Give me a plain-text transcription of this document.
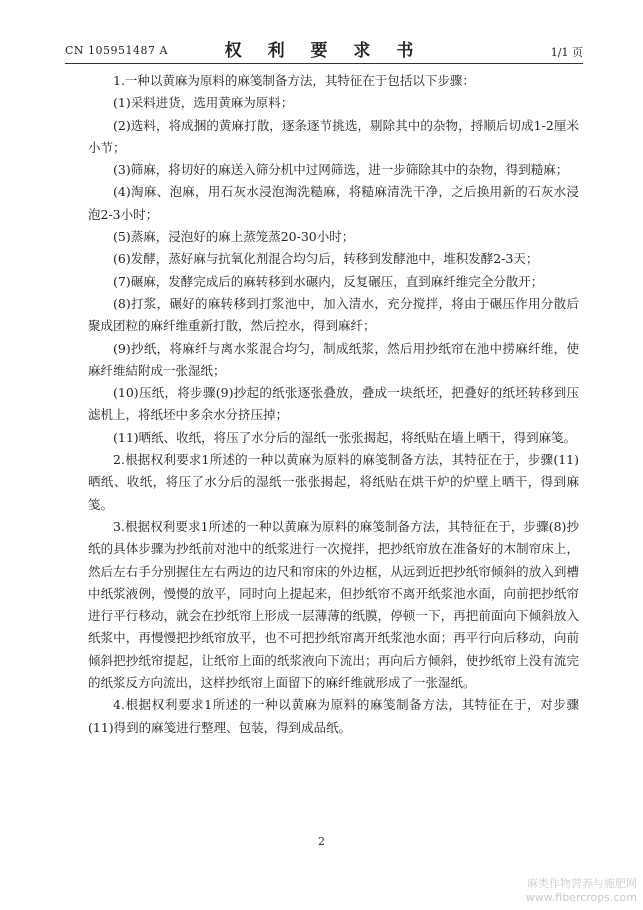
CN 105951487 A	权 利 要 求 书	1/1 页

1.一种以黄麻为原料的麻笺制备方法，其特征在于包括以下步骤：

(1)采料进货，选用黄麻为原料；

(2)选料，将成捆的黄麻打散，逐条逐节挑选，剔除其中的杂物，捋顺后切成1-2厘米小节；

(3)筛麻，将切好的麻送入筛分机中过网筛选，进一步筛除其中的杂物，得到糙麻；

(4)淘麻、泡麻，用石灰水浸泡淘洗糙麻，将糙麻清洗干净，之后换用新的石灰水浸泡2-3小时；

(5)蒸麻，浸泡好的麻上蒸笼蒸20-30小时；

(6)发酵，蒸好麻与抗氧化剂混合均匀后，转移到发酵池中，堆积发酵2-3天；

(7)碾麻，发酵完成后的麻转移到水碾内，反复碾压，直到麻纤维完全分散开；

(8)打浆，碾好的麻转移到打浆池中，加入清水，充分搅拌，将由于碾压作用分散后聚成团粒的麻纤维重新打散，然后控水，得到麻纤；

(9)抄纸，将麻纤与离水浆混合均匀，制成纸浆，然后用抄纸帘在池中捞麻纤维，使麻纤维結附成一张湿纸；

(10)压纸，将步骤(9)抄起的纸张逐张叠放，叠成一块纸坯，把叠好的纸坯转移到压滤机上，将纸坯中多余水分挤压掉；

(11)晒纸、收纸，将压了水分后的湿纸一张张揭起，将纸贴在墙上晒干，得到麻笺。

2.根据权利要求1所述的一种以黄麻为原料的麻笺制备方法，其特征在于，步骤(11)晒纸、收纸，将压了水分后的湿纸一张张揭起，将纸贴在烘干炉的炉壁上晒干，得到麻笺。

3.根据权利要求1所述的一种以黄麻为原料的麻笺制备方法，其特征在于，步骤(8)抄纸的具体步骤为抄纸前对池中的纸浆进行一次搅拌，把抄纸帘放在准备好的木制帘床上，然后左右手分别握住左右两边的边尺和帘床的外边框，从远到近把抄纸帘倾斜的放入到槽中纸浆液例，慢慢的放平，同时向上提起来，但抄纸帘不离开纸浆池水面，向前把抄纸帘进行平行移动，就会在抄纸帘上形成一层薄薄的纸膜，停顿一下，再把前面向下倾斜放入纸浆中，再慢慢把抄纸帘放平，也不可把抄纸帘离开纸浆池水面；再平行向后移动，向前倾斜把抄纸帘提起，让纸帘上面的纸浆液向下流出；再向后方倾斜，使抄纸帘上没有流完的纸浆反方向流出，这样抄纸帘上面留下的麻纤维就形成了一张湿纸。

4.根据权利要求1所述的一种以黄麻为原料的麻笺制备方法，其特征在于，对步骤(11)得到的麻笺进行整理、包装，得到成品纸。

2
麻类作物营养与施肥网
www.fibercrops.com
